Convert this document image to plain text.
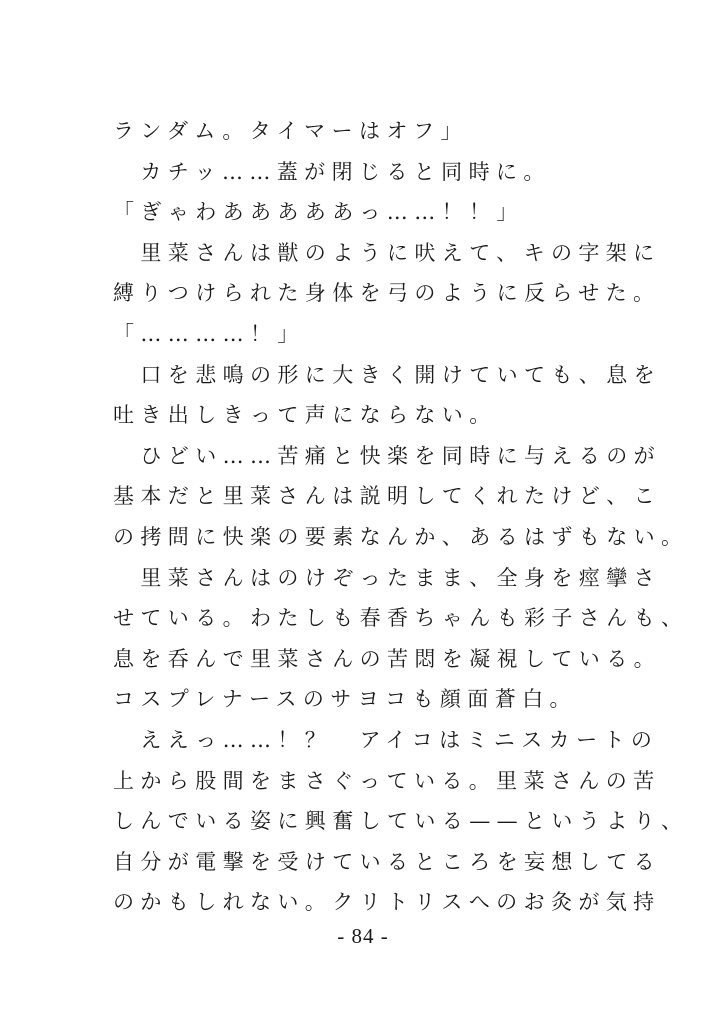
ランダム。タイマーはオフ」
　カチッ……蓋が閉じると同時に。
「ぎゃわあああああっ……！！」
　里菜さんは獣のように吠えて、キの字架に
縛りつけられた身体を弓のように反らせた。
「…………！」
　口を悲鳴の形に大きく開けていても、息を
吐き出しきって声にならない。
　ひどい……苦痛と快楽を同時に与えるのが
基本だと里菜さんは説明してくれたけど、こ
の拷問に快楽の要素なんか、あるはずもない。
　里菜さんはのけぞったまま、全身を痙攣さ
せている。わたしも春香ちゃんも彩子さんも、
息を呑んで里菜さんの苦悶を凝視している。
コスプレナースのサヨコも顔面蒼白。
　ええっ……！？　アイコはミニスカートの
上から股間をまさぐっている。里菜さんの苦
しんでいる姿に興奮している——というより、
自分が電撃を受けているところを妄想してる
のかもしれない。クリトリスへのお灸が気持
- 84 -
